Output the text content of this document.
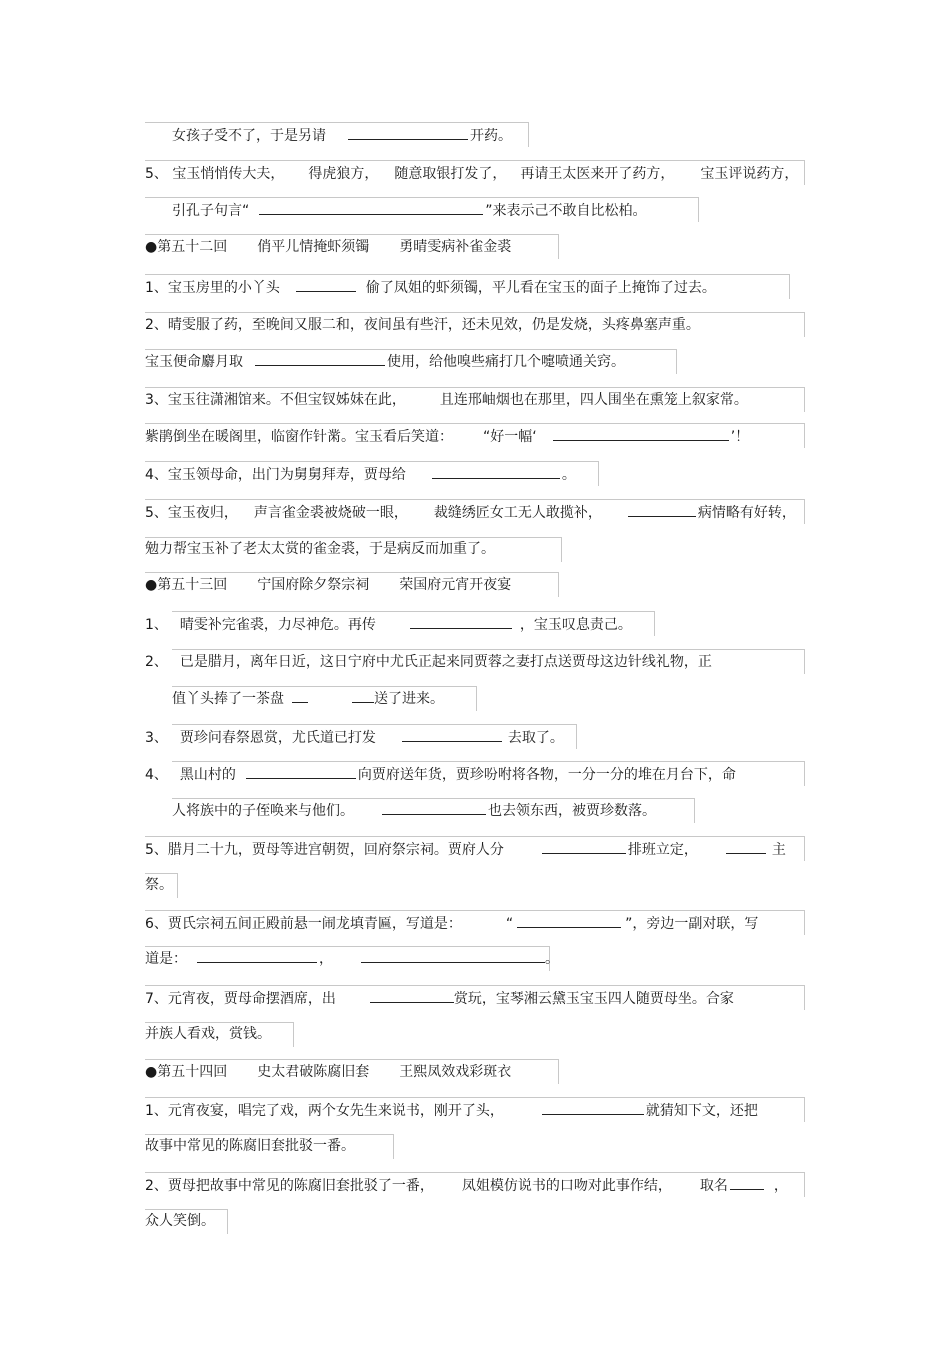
女孩子受不了，于是另请	开药。
5、 宝玉悄悄传大夫， 得虎狼方， 随意取银打发了， 再请王太医来开了药方， 宝玉评说药方，
引孔子句言“	”来表示己不敢自比松柏。
●第五十二回 俏平儿情掩虾须镯 勇晴雯病补雀金裘
1、宝玉房里的小丫头	偷了凤姐的虾须镯，平儿看在宝玉的面子上掩饰了过去。
2、晴雯服了药，至晚间又服二和，夜间虽有些汗，还未见效，仍是发烧，头疼鼻塞声重。
宝玉便命麝月取	使用，给他嗅些痛打几个嚏喷通关窍。
3、宝玉往潇湘馆来。不但宝钗姊妹在此， 且连邢岫烟也在那里，四人围坐在熏笼上叙家常。
紫鹃倒坐在暖阁里，临窗作针黹。宝玉看后笑道： “好一幅‘	’！
4、宝玉领母命，出门为舅舅拜寿，贾母给	。
5、宝玉夜归， 声言雀金裘被烧破一眼， 裁缝绣匠女工无人敢揽补，	病情略有好转，
勉力帮宝玉补了老太太赏的雀金裘，于是病反而加重了。
●第五十三回 宁国府除夕祭宗祠 荣国府元宵开夜宴
1、 晴雯补完雀裘，力尽神危。再传	，宝玉叹息责己。
2、 已是腊月，离年日近，这日宁府中尤氏正起来同贾蓉之妻打点送贾母这边针线礼物，正
值丫头捧了一茶盘	送了进来。
3、 贾珍问春祭恩赏，尤氏道已打发	去取了。
4、 黑山村的	向贾府送年货，贾珍吩咐将各物，一分一分的堆在月台下，命
人将族中的子侄唤来与他们。	也去领东西，被贾珍数落。
5、腊月二十九，贾母等进宫朝贺，回府祭宗祠。贾府人分	排班立定，	主
祭。
6、贾氏宗祠五间正殿前悬一闹龙填青匾，写道是：	“	”，旁边一副对联，写
道是：	，	。
7、元宵夜，贾母命摆酒席，出	赏玩，宝琴湘云黛玉宝玉四人随贾母坐。合家
并族人看戏，赏钱。
●第五十四回 史太君破陈腐旧套 王熙凤效戏彩斑衣
1、元宵夜宴，唱完了戏，两个女先生来说书，刚开了头，	就猜知下文，还把
故事中常见的陈腐旧套批驳一番。
2、贾母把故事中常见的陈腐旧套批驳了一番， 凤姐模仿说书的口吻对此事作结， 取名	，
众人笑倒。
